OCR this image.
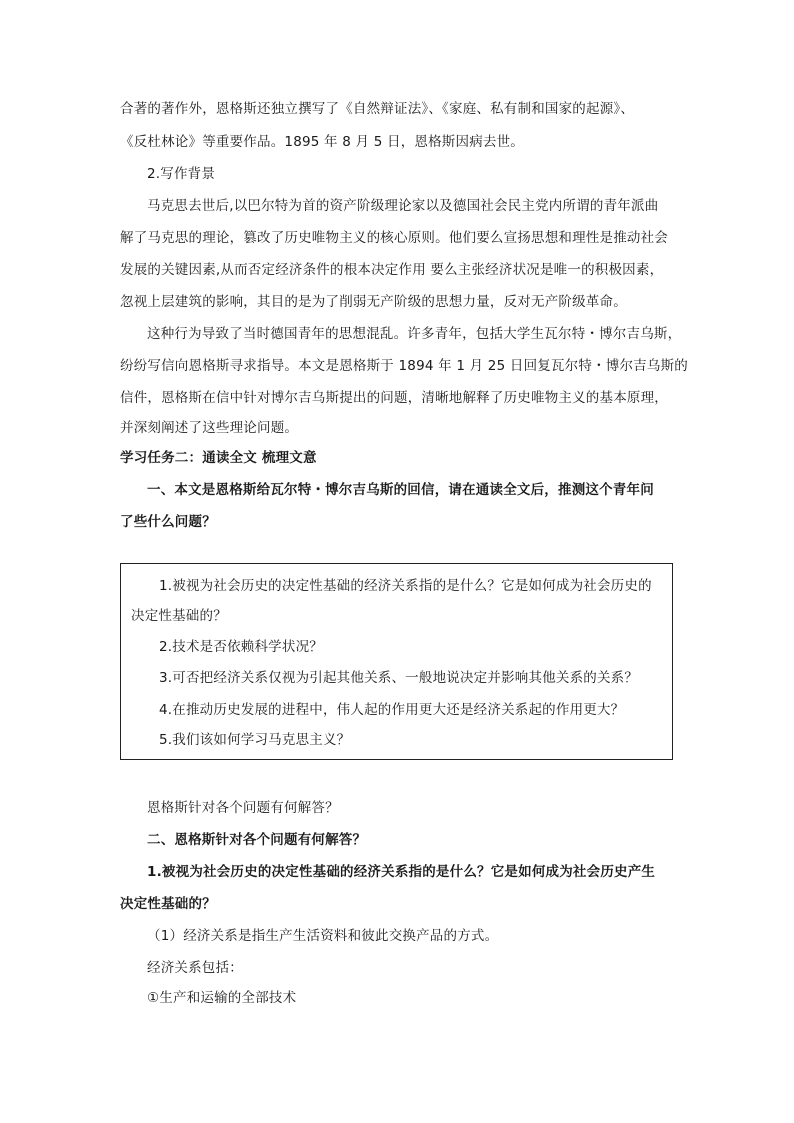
合著的著作外，恩格斯还独立撰写了《自然辩证法》、《家庭、私有制和国家的起源》、
《反杜林论》等重要作品。1895 年 8 月 5 日，恩格斯因病去世。
2.写作背景
马克思去世后,以巴尔特为首的资产阶级理论家以及德国社会民主党内所谓的青年派曲
解了马克思的理论，篡改了历史唯物主义的核心原则。他们要么宣扬思想和理性是推动社会
发展的关键因素,从而否定经济条件的根本决定作用 要么主张经济状况是唯一的积极因素，
忽视上层建筑的影响，其目的是为了削弱无产阶级的思想力量，反对无产阶级革命。
这种行为导致了当时德国青年的思想混乱。许多青年，包括大学生瓦尔特・博尔吉乌斯，
纷纷写信向恩格斯寻求指导。本文是恩格斯于 1894 年 1 月 25 日回复瓦尔特・博尔吉乌斯的
信件，恩格斯在信中针对博尔吉乌斯提出的问题，清晰地解释了历史唯物主义的基本原理，
并深刻阐述了这些理论问题。
学习任务二：通读全文 梳理文意
一、本文是恩格斯给瓦尔特・博尔吉乌斯的回信，请在通读全文后，推测这个青年问
了些什么问题？
1.被视为社会历史的决定性基础的经济关系指的是什么？它是如何成为社会历史的
决定性基础的？
2.技术是否依赖科学状况？
3.可否把经济关系仅视为引起其他关系、一般地说决定并影响其他关系的关系？
4.在推动历史发展的进程中，伟人起的作用更大还是经济关系起的作用更大？
5.我们该如何学习马克思主义？
恩格斯针对各个问题有何解答？
二、恩格斯针对各个问题有何解答？
1.被视为社会历史的决定性基础的经济关系指的是什么？它是如何成为社会历史产生
决定性基础的？
（1）经济关系是指生产生活资料和彼此交换产品的方式。
经济关系包括：
①生产和运输的全部技术
